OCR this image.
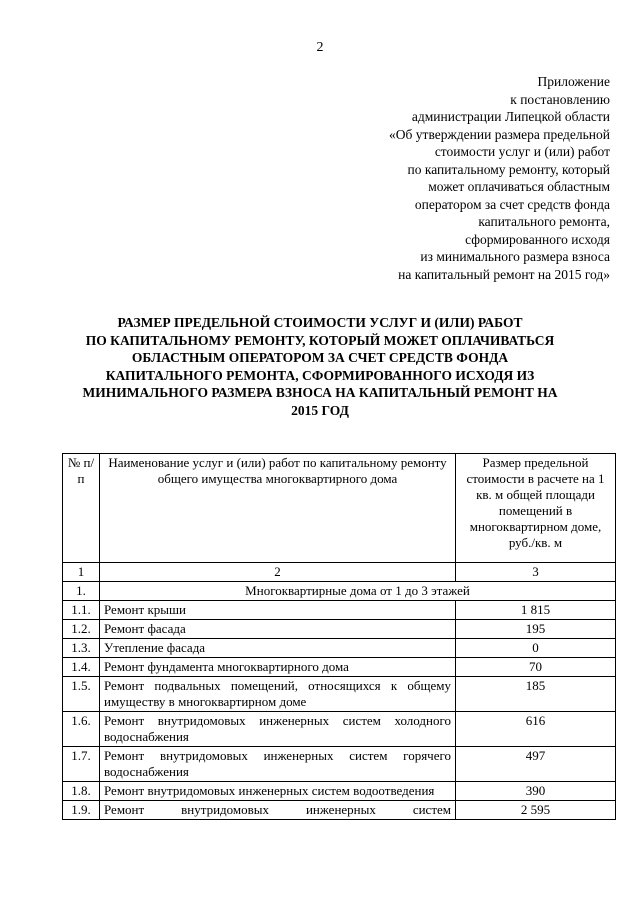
2
Приложение
к постановлению
администрации Липецкой области
«Об утверждении размера предельной
стоимости услуг и (или) работ
по капитальному ремонту, который
может оплачиваться областным
оператором за счет средств фонда
капитального ремонта,
сформированного исходя
из минимального размера взноса
на капитальный ремонт на 2015 год»
РАЗМЕР ПРЕДЕЛЬНОЙ СТОИМОСТИ УСЛУГ И (ИЛИ) РАБОТ
ПО КАПИТАЛЬНОМУ РЕМОНТУ, КОТОРЫЙ МОЖЕТ ОПЛАЧИВАТЬСЯ
ОБЛАСТНЫМ ОПЕРАТОРОМ ЗА СЧЕТ СРЕДСТВ ФОНДА
КАПИТАЛЬНОГО РЕМОНТА, СФОРМИРОВАННОГО ИСХОДЯ ИЗ
МИНИМАЛЬНОГО РАЗМЕРА ВЗНОСА НА КАПИТАЛЬНЫЙ РЕМОНТ НА
2015 ГОД
№ п/п	Наименование услуг и (или) работ по капитальному ремонту общего имущества многоквартирного дома	Размер предельной стоимости в расчете на 1 кв. м общей площади помещений в многоквартирном доме, руб./кв. м
1	2	3
1.	Многоквартирные дома от 1 до 3 этажей	
1.1.	Ремонт крыши	1 815
1.2.	Ремонт фасада	195
1.3.	Утепление фасада	0
1.4.	Ремонт фундамента многоквартирного дома	70
1.5.	Ремонт подвальных помещений, относящихся к общему имуществу в многоквартирном доме	185
1.6.	Ремонт внутридомовых инженерных систем холодного водоснабжения	616
1.7.	Ремонт внутридомовых инженерных систем горячего водоснабжения	497
1.8.	Ремонт внутридомовых инженерных систем водоотведения	390
1.9.	Ремонт внутридомовых инженерных систем	2 595
